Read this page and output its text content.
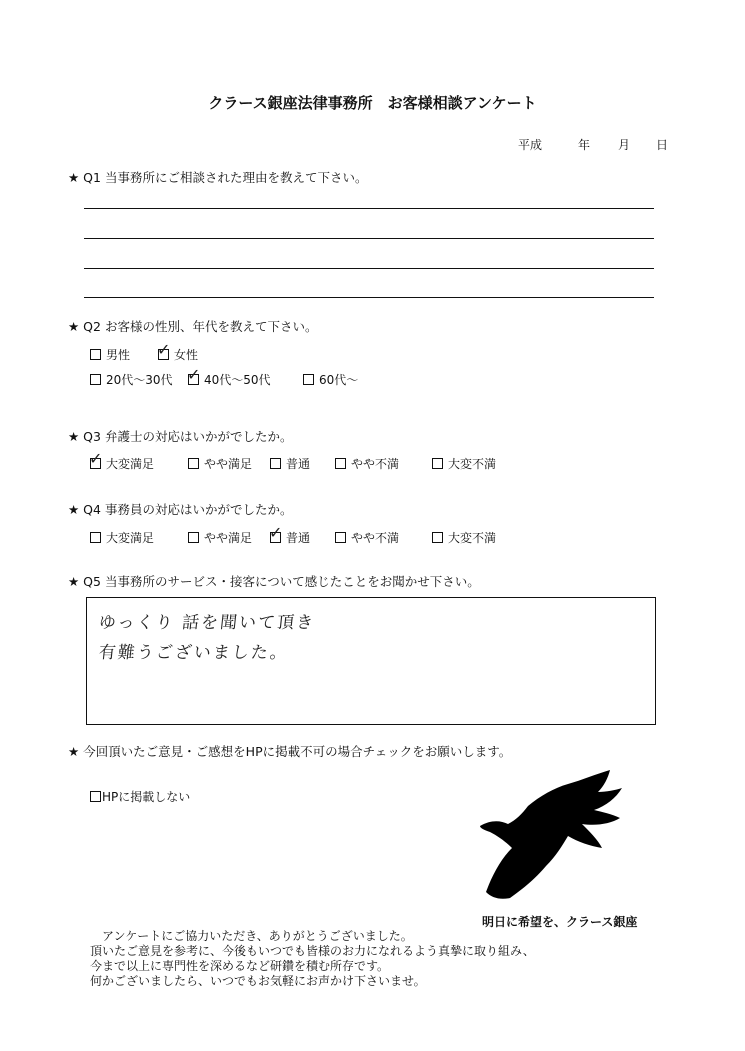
クラース銀座法律事務所　お客様相談アンケート
平成	年 月 日
★ Q1 当事務所にご相談された理由を教えて下さい。
★ Q2 お客様の性別、年代を教えて下さい。
男性 ✓ 女性
20代～30代 ✓ 40代～50代	60代～
★ Q3 弁護士の対応はいかがでしたか。
✓ 大変満足	やや満足	普通	やや不満	大変不満
★ Q4 事務員の対応はいかがでしたか。
大変満足	やや満足 ✓ 普通	やや不満	大変不満
★ Q5 当事務所のサービス・接客について感じたことをお聞かせ下さい。
ゆっくり 話を聞いて頂き
有難うございました。
★ 今回頂いたご意見・ご感想をHPに掲載不可の場合チェックをお願いします。
HPに掲載しない
明日に希望を、クラース銀座
　アンケートにご協力いただき、ありがとうございました。
頂いたご意見を参考に、今後もいつでも皆様のお力になれるよう真摯に取り組み、
今まで以上に専門性を深めるなど研鑽を積む所存です。
何かございましたら、いつでもお気軽にお声かけ下さいませ。
